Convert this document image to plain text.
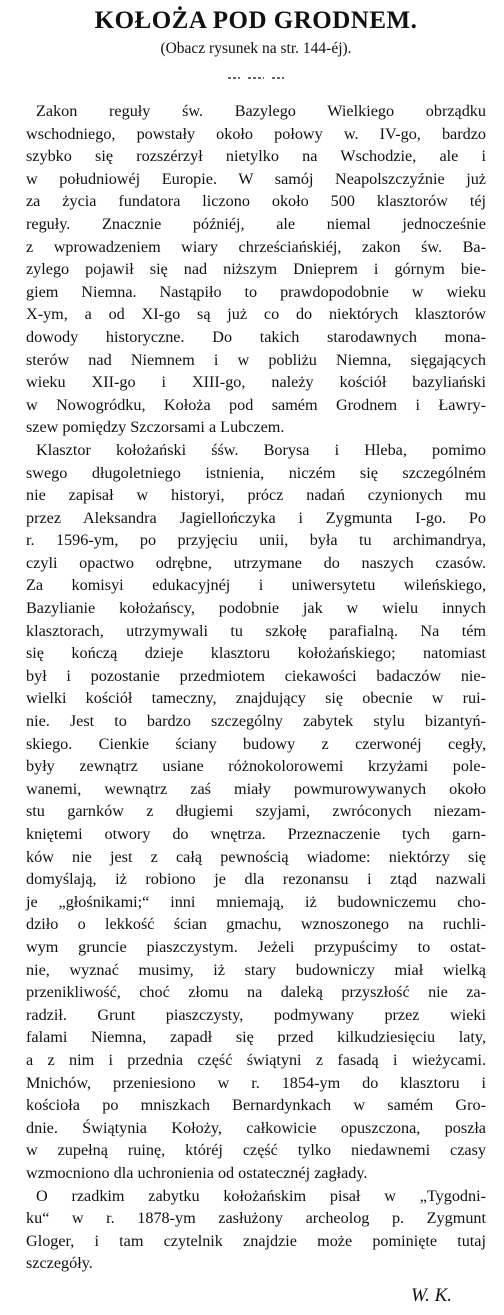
KOŁOŻA POD GRODNEM.

(Obacz rysunek na str. 144-éj).

Zakon reguły św. Bazylego Wielkiego obrządku
wschodniego, powstały około połowy w. IV-go, bardzo
szybko się rozszérzył nietylko na Wschodzie, ale i
w południowéj Europie. W samój Neapolszczyźnie już
za życia fundatora liczono około 500 klasztorów téj
reguły. Znacznie późniéj, ale niemal jednocześnie
z wprowadzeniem wiary chrześciańskiéj, zakon św. Ba-
zylego pojawił się nad niższym Dnieprem i górnym bie-
giem Niemna. Nastąpiło to prawdopodobnie w wieku
X-ym, a od XI-go są już co do niektórych klasztorów
dowody historyczne. Do takich starodawnych mona-
sterów nad Niemnem i w pobliżu Niemna, sięgających
wieku XII-go i XIII-go, należy kościół bazyliański
w Nowogródku, Kołoża pod samém Grodnem i Ławry-
szew pomiędzy Szczorsami a Lubczem.

Klasztor kołożański śśw. Borysa i Hleba, pomimo
swego długoletniego istnienia, niczém się szczególném
nie zapisał w historyi, prócz nadań czynionych mu
przez Aleksandra Jagiellończyka i Zygmunta I-go. Po
r. 1596-ym, po przyjęciu unii, była tu archimandrya,
czyli opactwo odrębne, utrzymane do naszych czasów.
Za komisyi edukacyjnéj i uniwersytetu wileńskiego,
Bazylianie kołożańscy, podobnie jak w wielu innych
klasztorach, utrzymywali tu szkołę parafialną. Na tém
się kończą dzieje klasztoru kołożańskiego; natomiast
był i pozostanie przedmiotem ciekawości badaczów nie-
wielki kościół tameczny, znajdujący się obecnie w rui-
nie. Jest to bardzo szczególny zabytek stylu bizantyń-
skiego. Cienkie ściany budowy z czerwonéj cegły,
były zewnątrz usiane różnokolorowemi krzyżami pole-
wanemi, wewnątrz zaś miały powmurowywanych około
stu garnków z długiemi szyjami, zwróconych niezam-
kniętemi otwory do wnętrza. Przeznaczenie tych garn-
ków nie jest z całą pewnością wiadome: niektórzy się
domyślają, iż robiono je dla rezonansu i ztąd nazwali
je „głośnikami;“ inni mniemają, iż budowniczemu cho-
dziło o lekkość ścian gmachu, wznoszonego na ruchli-
wym gruncie piaszczystym. Jeżeli przypuścimy to ostat-
nie, wyznać musimy, iż stary budowniczy miał wielką
przenikliwość, choć złomu na daleką przyszłość nie za-
radził. Grunt piaszczysty, podmywany przez wieki
falami Niemna, zapadł się przed kilkudziesięciu laty,
a z nim i przednia część świątyni z fasadą i wieżycami.
Mnichów, przeniesiono w r. 1854-ym do klasztoru i
kościoła po mniszkach Bernardynkach w samém Gro-
dnie. Świątynia Kołoży, całkowicie opuszczona, poszła
w zupełną ruinę, któréj część tylko niedawnemi czasy
wzmocniono dla uchronienia od ostatecznéj zagłady.

O rzadkim zabytku kołożańskim pisał w „Tygodni-
ku“ w r. 1878-ym zasłużony archeolog p. Zygmunt
Gloger, i tam czytelnik znajdzie może pominięte tutaj
szczegóły.

W. K.
